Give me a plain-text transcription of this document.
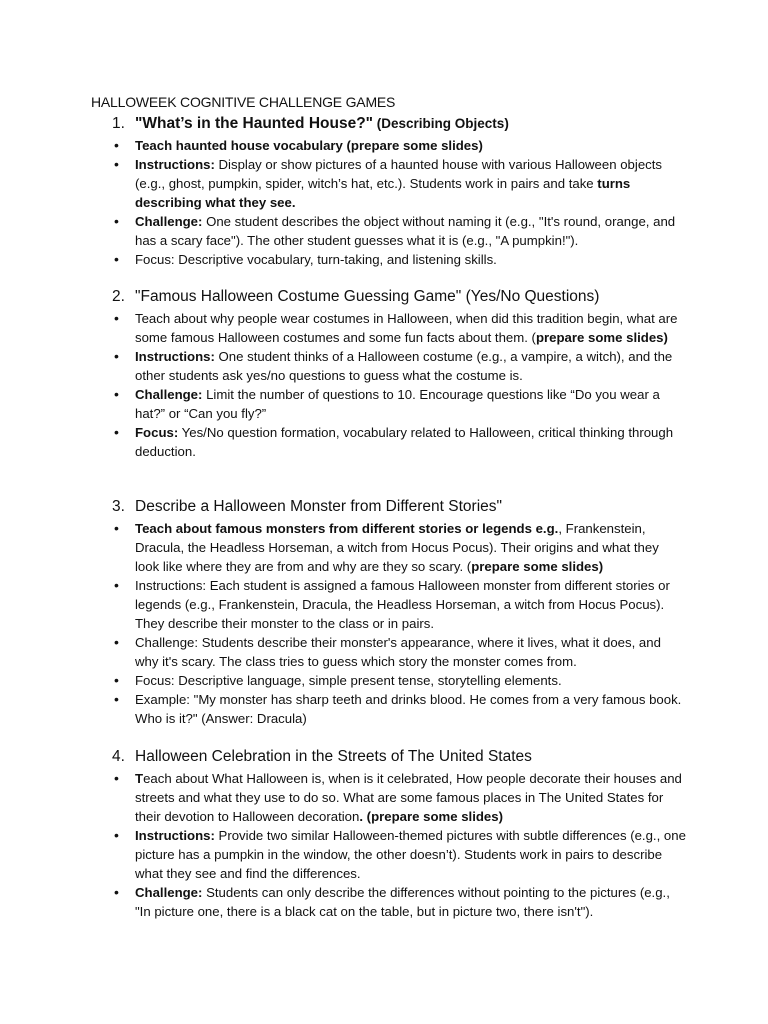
HALLOWEEK COGNITIVE CHALLENGE GAMES
1. "What’s in the Haunted House?" (Describing Objects)
• Teach haunted house vocabulary (prepare some slides)
• Instructions: Display or show pictures of a haunted house with various Halloween objects (e.g., ghost, pumpkin, spider, witch’s hat, etc.). Students work in pairs and take turns describing what they see.
• Challenge: One student describes the object without naming it (e.g., "It's round, orange, and has a scary face"). The other student guesses what it is (e.g., "A pumpkin!").
• Focus: Descriptive vocabulary, turn-taking, and listening skills.
2. "Famous Halloween Costume Guessing Game" (Yes/No Questions)
• Teach about why people wear costumes in Halloween, when did this tradition begin, what are some famous Halloween costumes and some fun facts about them. (prepare some slides)
• Instructions: One student thinks of a Halloween costume (e.g., a vampire, a witch), and the other students ask yes/no questions to guess what the costume is.
• Challenge: Limit the number of questions to 10. Encourage questions like “Do you wear a hat?” or “Can you fly?”
• Focus: Yes/No question formation, vocabulary related to Halloween, critical thinking through deduction.
3. Describe a Halloween Monster from Different Stories"
• Teach about famous monsters from different stories or legends e.g., Frankenstein, Dracula, the Headless Horseman, a witch from Hocus Pocus). Their origins and what they look like where they are from and why are they so scary. (prepare some slides)
• Instructions: Each student is assigned a famous Halloween monster from different stories or legends (e.g., Frankenstein, Dracula, the Headless Horseman, a witch from Hocus Pocus). They describe their monster to the class or in pairs.
• Challenge: Students describe their monster's appearance, where it lives, what it does, and why it's scary. The class tries to guess which story the monster comes from.
• Focus: Descriptive language, simple present tense, storytelling elements.
• Example: "My monster has sharp teeth and drinks blood. He comes from a very famous book. Who is it?" (Answer: Dracula)
4. Halloween Celebration in the Streets of The United States
• Teach about What Halloween is, when is it celebrated, How people decorate their houses and streets and what they use to do so. What are some famous places in The United States for their devotion to Halloween decoration. (prepare some slides)
• Instructions: Provide two similar Halloween-themed pictures with subtle differences (e.g., one picture has a pumpkin in the window, the other doesn’t). Students work in pairs to describe what they see and find the differences.
• Challenge: Students can only describe the differences without pointing to the pictures (e.g., "In picture one, there is a black cat on the table, but in picture two, there isn't").
